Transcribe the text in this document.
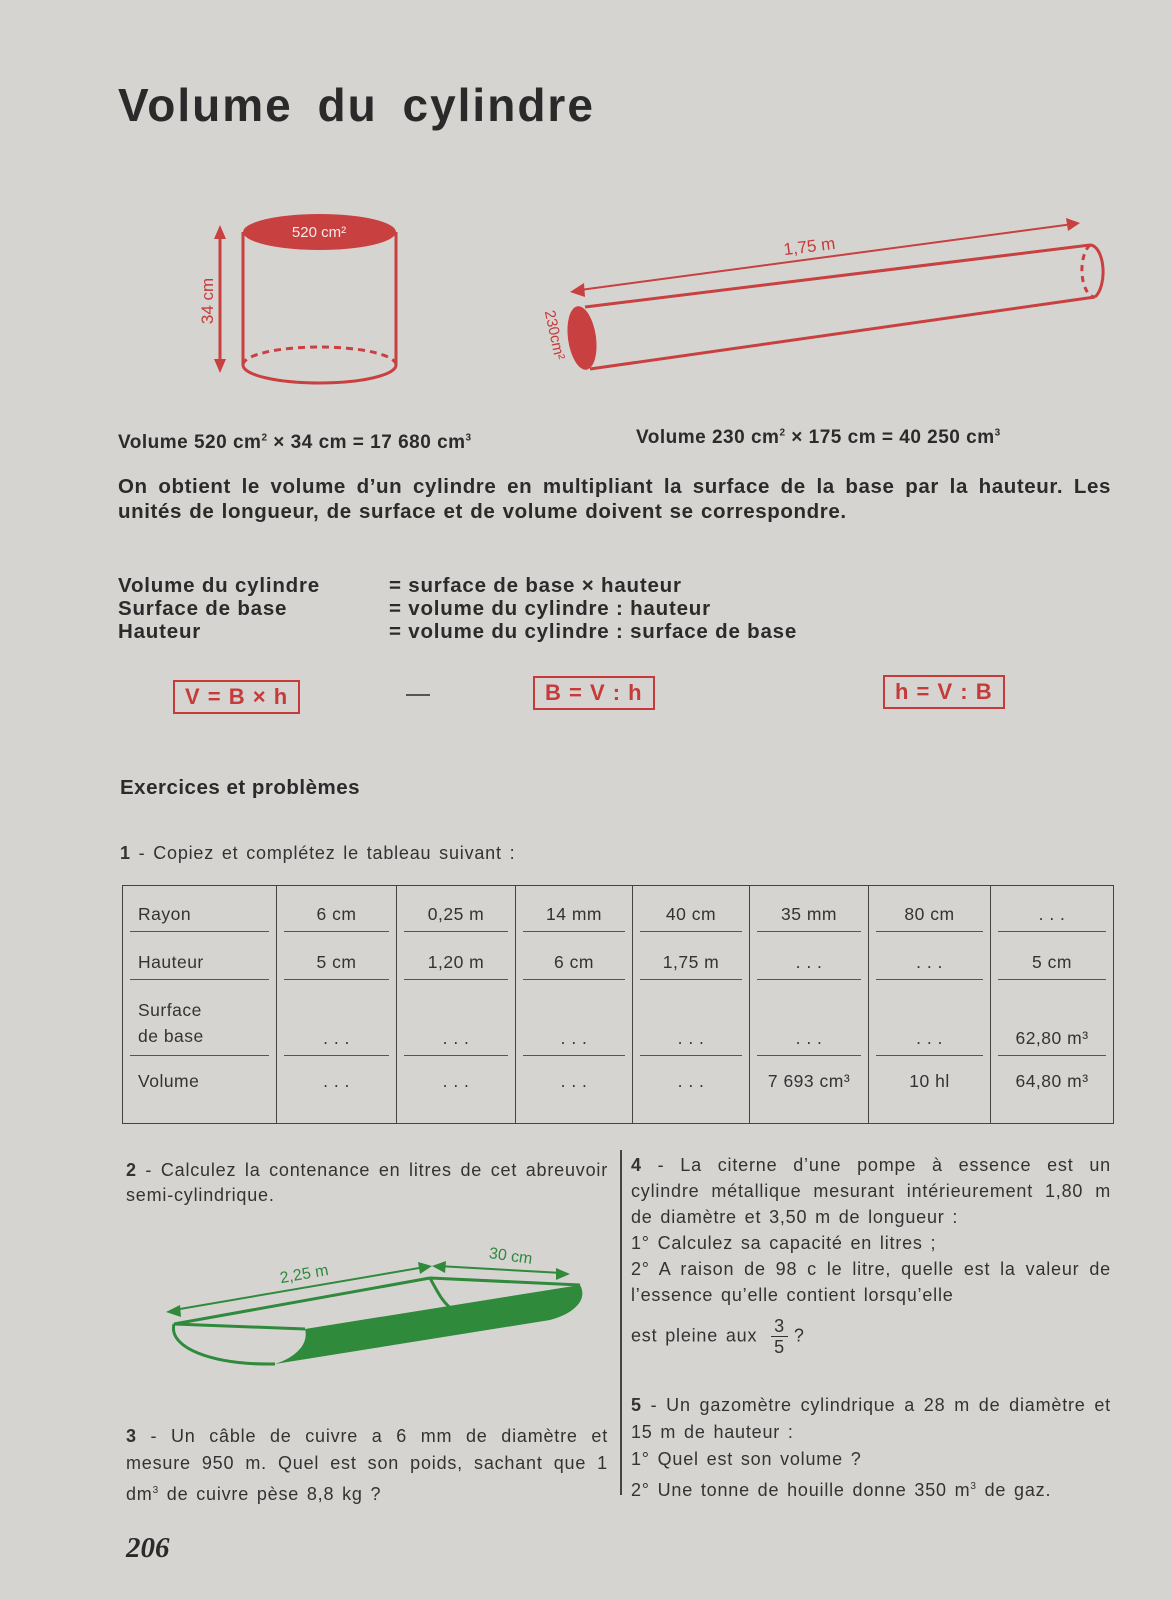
Volume du cylindre
520 cm²
34 cm
1,75 m
230cm²
Volume 520 $cm^2 \times 34$ cm = 17 680 $cm^3$	Volume 230 $cm^2 \times 175$ cm = 40 250 $cm^3$
On obtient le volume d’un cylindre en multipliant la surface de la base par la hauteur. Les unités de longueur, de surface et de volume doivent se correspondre.
Volume du cylindre	= surface de base × hauteur
Surface de base	= volume du cylindre : hauteur
Hauteur	= volume du cylindre : surface de base
V = B × h	B = V : h	h = V : B
Exercices et problèmes
1 - Copiez et complétez le tableau suivant :
Rayon	6 cm	0,25 m	14 mm	40 cm	35 mm	80 cm	. . .
Hauteur	5 cm	1,20 m	6 cm	1,75 m	. . .	. . .	5 cm
Surface
de base	. . .	. . .	. . .	. . .	. . .	. . .	62,80 m³
Volume	. . .	. . .	. . .	. . .	7 693 cm³	10 hl	64,80 m³
2 - Calculez la contenance en litres de cet abreuvoir semi-cylindrique.
2,25 m
30 cm
3 - Un câble de cuivre a 6 mm de diamètre et mesure 950 m. Quel est son poids, sachant que 1 $dm^3$ de cuivre pèse 8,8 kg ?
4 - La citerne d’une pompe à essence est un cylindre métallique mesurant intérieurement 1,80 m de diamètre et 3,50 m de longueur :
1° Calculez sa capacité en litres ;
2° A raison de 98 c le litre, quelle est la valeur de l’essence qu’elle contient lorsqu’elle
est pleine aux $\frac{3}{5}$ ?
5 - Un gazomètre cylindrique a 28 m de diamètre et 15 m de hauteur :
1° Quel est son volume ?
2° Une tonne de houille donne 350 $m^3$ de gaz.
206
